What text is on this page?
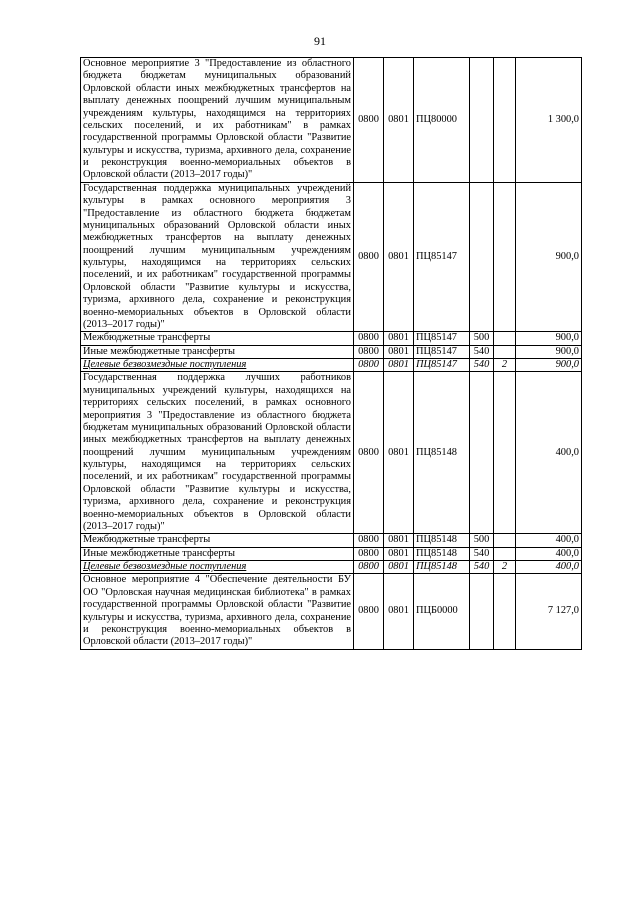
91
Основное мероприятие 3 "Предоставление из областного бюджета бюджетам муниципальных образований Орловской области иных межбюджетных трансфертов на выплату денежных поощрений лучшим муниципальным учреждениям культуры, находящимся на территориях сельских поселений, и их работникам" в рамках государственной программы Орловской области "Развитие культуры и искусства, туризма, архивного дела, сохранение и реконструкция военно-мемориальных объектов в Орловской области (2013–2017 годы)"	0800	0801	ПЦ80000			1 300,0
Государственная поддержка муниципальных учреждений культуры в рамках основного мероприятия 3 "Предоставление из областного бюджета бюджетам муниципальных образований Орловской области иных межбюджетных трансфертов на выплату денежных поощрений лучшим муниципальным учреждениям культуры, находящимся на территориях сельских поселений, и их работникам" государственной программы Орловской области "Развитие культуры и искусства, туризма, архивного дела, сохранение и реконструкция военно-мемориальных объектов в Орловской области (2013–2017 годы)"	0800	0801	ПЦ85147			900,0
Межбюджетные трансферты	0800	0801	ПЦ85147	500		900,0
Иные межбюджетные трансферты	0800	0801	ПЦ85147	540		900,0
Целевые безвозмездные поступления	0800	0801	ПЦ85147	540	2	900,0
Государственная поддержка лучших работников муниципальных учреждений культуры, находящихся на территориях сельских поселений, в рамках основного мероприятия 3 "Предоставление из областного бюджета бюджетам муниципальных образований Орловской области иных межбюджетных трансфертов на выплату денежных поощрений лучшим муниципальным учреждениям культуры, находящимся на территориях сельских поселений, и их работникам" государственной программы Орловской области "Развитие культуры и искусства, туризма, архивного дела, сохранение и реконструкция военно-мемориальных объектов в Орловской области (2013–2017 годы)"	0800	0801	ПЦ85148			400,0
Межбюджетные трансферты	0800	0801	ПЦ85148	500		400,0
Иные межбюджетные трансферты	0800	0801	ПЦ85148	540		400,0
Целевые безвозмездные поступления	0800	0801	ПЦ85148	540	2	400,0
Основное мероприятие 4 "Обеспечение деятельности БУ ОО "Орловская научная медицинская библиотека" в рамках государственной программы Орловской области "Развитие культуры и искусства, туризма, архивного дела, сохранение и реконструкция военно-мемориальных объектов в Орловской области (2013–2017 годы)"	0800	0801	ПЦБ0000			7 127,0
